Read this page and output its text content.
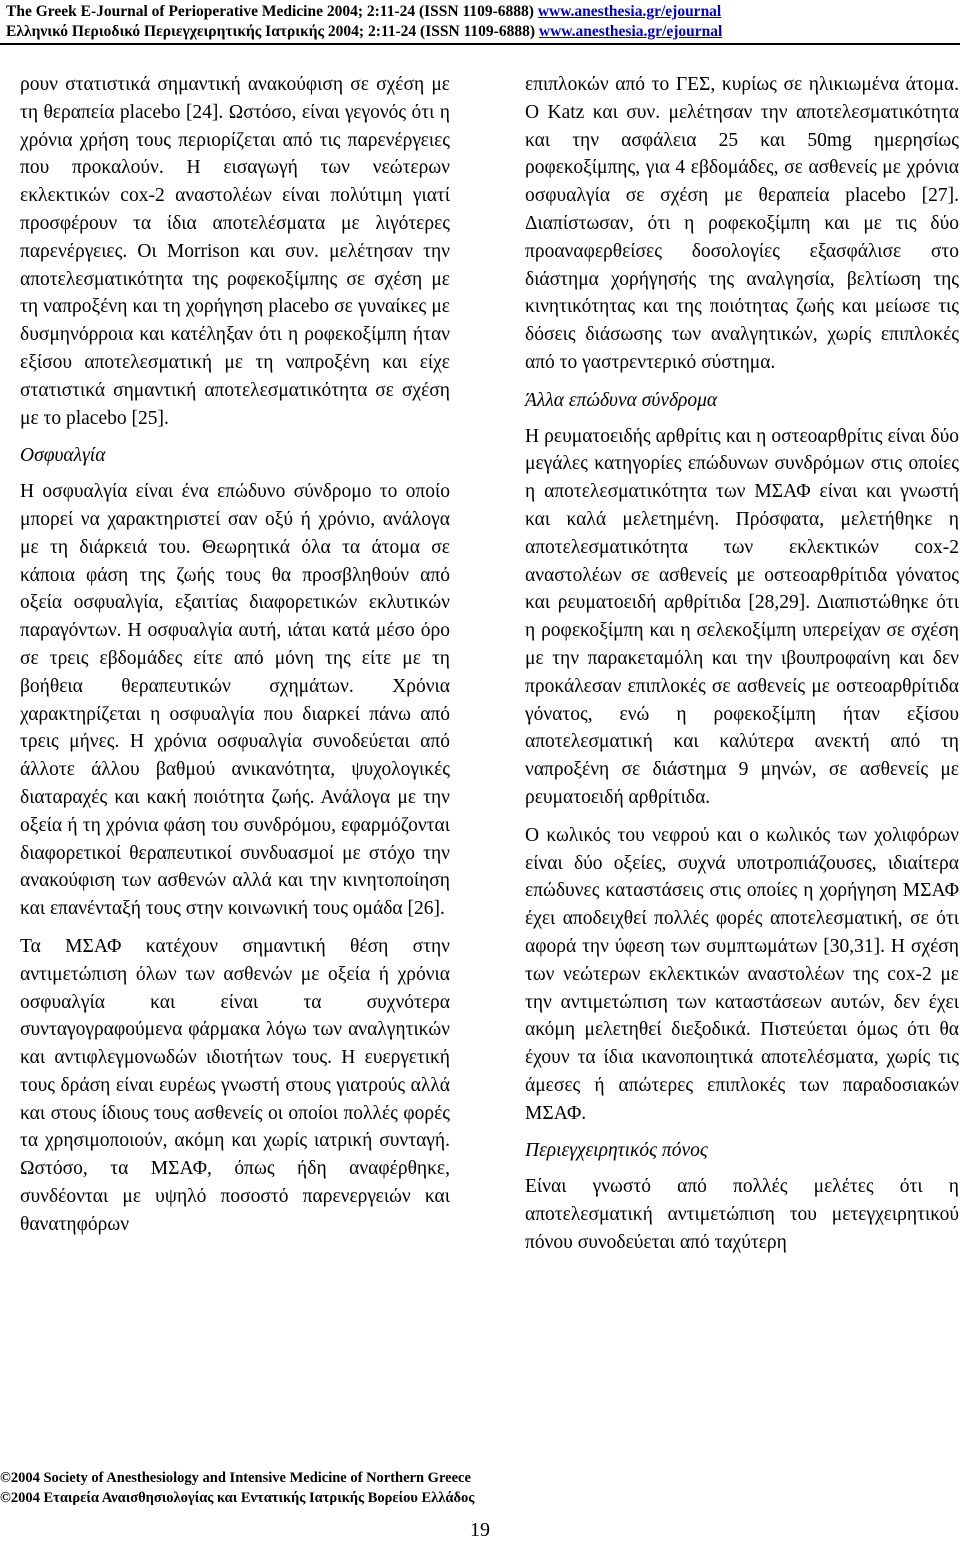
The Greek E-Journal of Perioperative Medicine 2004; 2:11-24 (ISSN 1109-6888) www.anesthesia.gr/ejournal
Ελληνικό Περιοδικό Περιεγχειρητικής Ιατρικής 2004; 2:11-24 (ISSN 1109-6888) www.anesthesia.gr/ejournal

ρουν στατιστικά σημαντική ανακούφιση σε σχέση με τη θεραπεία placebo [24]. Ωστόσο, είναι γεγονός ότι η χρόνια χρήση τους περιορίζεται από τις παρενέργειες που προκαλούν. Η εισαγωγή των νεώτερων εκλεκτικών cox-2 αναστολέων είναι πολύτιμη γιατί προσφέρουν τα ίδια αποτελέσματα με λιγότερες παρενέργειες. Οι Morrison και συν. μελέτησαν την αποτελεσματικότητα της ροφεκοξίμπης σε σχέση με τη ναπροξένη και τη χορήγηση placebo σε γυναίκες με δυσμηνόρροια και κατέληξαν ότι η ροφεκοξίμπη ήταν εξίσου αποτελεσματική με τη ναπροξένη και είχε στατιστικά σημαντική αποτελεσματικότητα σε σχέση με το placebo [25].

Οσφυαλγία

Η οσφυαλγία είναι ένα επώδυνο σύνδρομο το οποίο μπορεί να χαρακτηριστεί σαν οξύ ή χρόνιο, ανάλογα με τη διάρκειά του. Θεωρητικά όλα τα άτομα σε κάποια φάση της ζωής τους θα προσβληθούν από οξεία οσφυαλγία, εξαιτίας διαφορετικών εκλυτικών παραγόντων. Η οσφυαλγία αυτή, ιάται κατά μέσο όρο σε τρεις εβδομάδες είτε από μόνη της είτε με τη βοήθεια θεραπευτικών σχημάτων. Χρόνια χαρακτηρίζεται η οσφυαλγία που διαρκεί πάνω από τρεις μήνες. Η χρόνια οσφυαλγία συνοδεύεται από άλλοτε άλλου βαθμού ανικανότητα, ψυχολογικές διαταραχές και κακή ποιότητα ζωής. Ανάλογα με την οξεία ή τη χρόνια φάση του συνδρόμου, εφαρμόζονται διαφορετικοί θεραπευτικοί συνδυασμοί με στόχο την ανακούφιση των ασθενών αλλά και την κινητοποίηση και επανένταξή τους στην κοινωνική τους ομάδα [26].

Τα ΜΣΑΦ κατέχουν σημαντική θέση στην αντιμετώπιση όλων των ασθενών με οξεία ή χρόνια οσφυαλγία και είναι τα συχνότερα συνταγογραφούμενα φάρμακα λόγω των αναλγητικών και αντιφλεγμονωδών ιδιοτήτων τους. Η ευεργετική τους δράση είναι ευρέως γνωστή στους γιατρούς αλλά και στους ίδιους τους ασθενείς οι οποίοι πολλές φορές τα χρησιμοποιούν, ακόμη και χωρίς ιατρική συνταγή. Ωστόσο, τα ΜΣΑΦ, όπως ήδη αναφέρθηκε, συνδέονται με υψηλό ποσοστό παρενεργειών και θανατηφόρων

επιπλοκών από το ΓΕΣ, κυρίως σε ηλικιωμένα άτομα. Ο Katz και συν. μελέτησαν την αποτελεσματικότητα και την ασφάλεια 25 και 50mg ημερησίως ροφεκοξίμπης, για 4 εβδομάδες, σε ασθενείς με χρόνια οσφυαλγία σε σχέση με θεραπεία placebo [27]. Διαπίστωσαν, ότι η ροφεκοξίμπη και με τις δύο προαναφερθείσες δοσολογίες εξασφάλισε στο διάστημα χορήγησής της αναλγησία, βελτίωση της κινητικότητας και της ποιότητας ζωής και μείωσε τις δόσεις διάσωσης των αναλγητικών, χωρίς επιπλοκές από το γαστρεντερικό σύστημα.

Άλλα επώδυνα σύνδρομα

Η ρευματοειδής αρθρίτις και η οστεοαρθρίτις είναι δύο μεγάλες κατηγορίες επώδυνων συνδρόμων στις οποίες η αποτελεσματικότητα των ΜΣΑΦ είναι και γνωστή και καλά μελετημένη. Πρόσφατα, μελετήθηκε η αποτελεσματικότητα των εκλεκτικών cox-2 αναστολέων σε ασθενείς με οστεοαρθρίτιδα γόνατος και ρευματοειδή αρθρίτιδα [28,29]. Διαπιστώθηκε ότι η ροφεκοξίμπη και η σελεκοξίμπη υπερείχαν σε σχέση με την παρακεταμόλη και την ιβουπροφαίνη και δεν προκάλεσαν επιπλοκές σε ασθενείς με οστεοαρθρίτιδα γόνατος, ενώ η ροφεκοξίμπη ήταν εξίσου αποτελεσματική και καλύτερα ανεκτή από τη ναπροξένη σε διάστημα 9 μηνών, σε ασθενείς με ρευματοειδή αρθρίτιδα.

Ο κωλικός του νεφρού και ο κωλικός των χολιφόρων είναι δύο οξείες, συχνά υποτροπιάζουσες, ιδιαίτερα επώδυνες καταστάσεις στις οποίες η χορήγηση ΜΣΑΦ έχει αποδειχθεί πολλές φορές αποτελεσματική, σε ότι αφορά την ύφεση των συμπτωμάτων [30,31]. Η σχέση των νεώτερων εκλεκτικών αναστολέων της cox-2 με την αντιμετώπιση των καταστάσεων αυτών, δεν έχει ακόμη μελετηθεί διεξοδικά. Πιστεύεται όμως ότι θα έχουν τα ίδια ικανοποιητικά αποτελέσματα, χωρίς τις άμεσες ή απώτερες επιπλοκές των παραδοσιακών ΜΣΑΦ.

Περιεγχειρητικός πόνος

Είναι γνωστό από πολλές μελέτες ότι η αποτελεσματική αντιμετώπιση του μετεγχειρητικού πόνου συνοδεύεται από ταχύτερη

©2004 Society of Anesthesiology and Intensive Medicine of Northern Greece
©2004 Εταιρεία Αναισθησιολογίας και Εντατικής Ιατρικής Βορείου Ελλάδος
19
